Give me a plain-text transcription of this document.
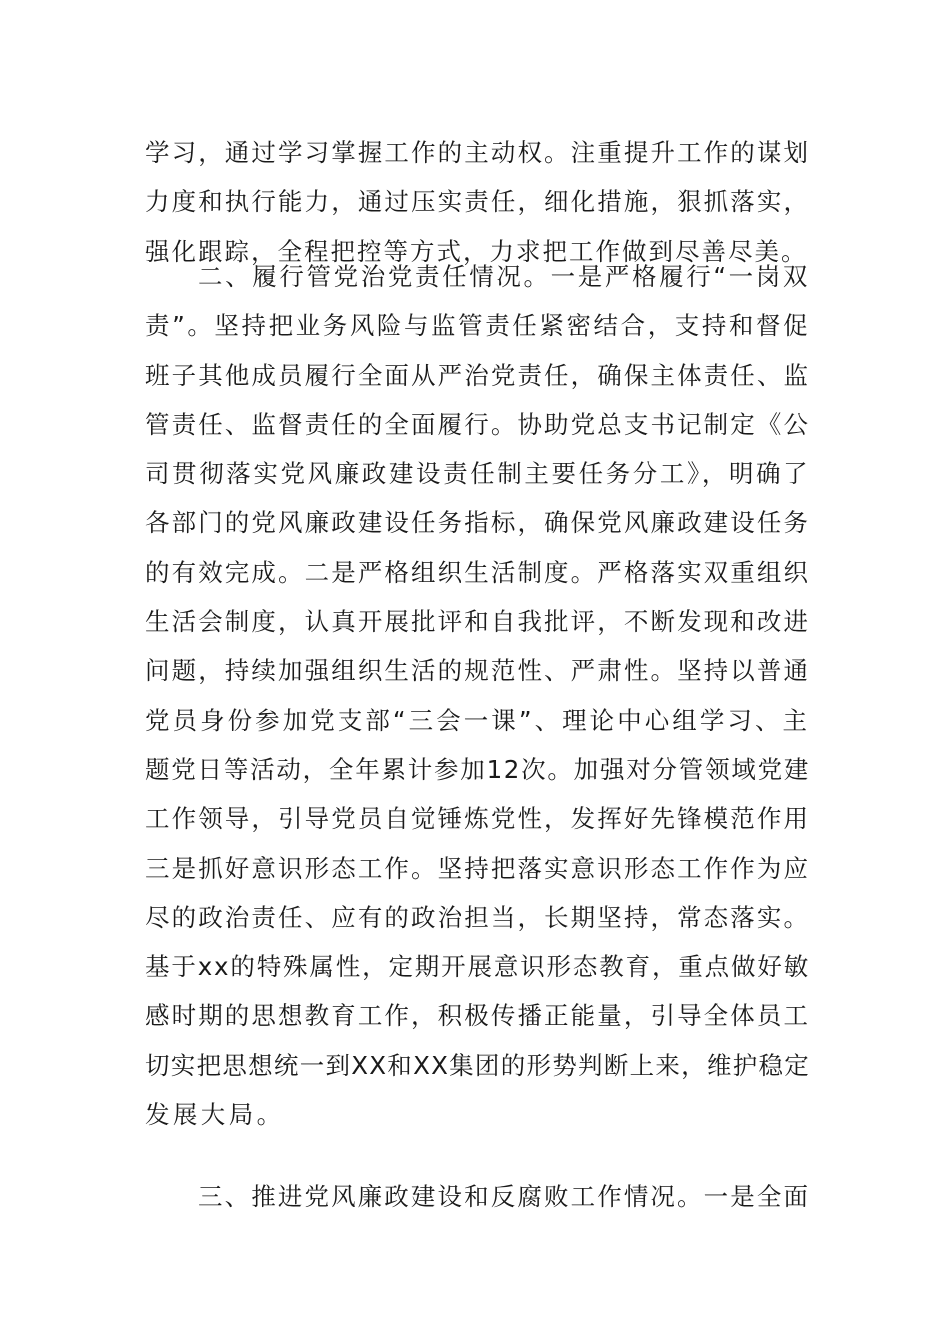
学习，通过学习掌握工作的主动权。注重提升工作的谋划
力度和执行能力，通过压实责任，细化措施，狠抓落实，
强化跟踪，全程把控等方式，力求把工作做到尽善尽美。
二、履行管党治党责任情况。一是严格履行“一岗双
责”。坚持把业务风险与监管责任紧密结合，支持和督促
班子其他成员履行全面从严治党责任，确保主体责任、监
管责任、监督责任的全面履行。协助党总支书记制定《公
司贯彻落实党风廉政建设责任制主要任务分工》，明确了
各部门的党风廉政建设任务指标，确保党风廉政建设任务
的有效完成。二是严格组织生活制度。严格落实双重组织
生活会制度，认真开展批评和自我批评，不断发现和改进
问题，持续加强组织生活的规范性、严肃性。坚持以普通
党员身份参加党支部“三会一课”、理论中心组学习、主
题党日等活动，全年累计参加12次。加强对分管领域党建
工作领导，引导党员自觉锤炼党性，发挥好先锋模范作用
三是抓好意识形态工作。坚持把落实意识形态工作作为应
尽的政治责任、应有的政治担当，长期坚持，常态落实。
基于xx的特殊属性，定期开展意识形态教育，重点做好敏
感时期的思想教育工作，积极传播正能量，引导全体员工
切实把思想统一到XX和XX集团的形势判断上来，维护稳定
发展大局。
三、推进党风廉政建设和反腐败工作情况。一是全面
